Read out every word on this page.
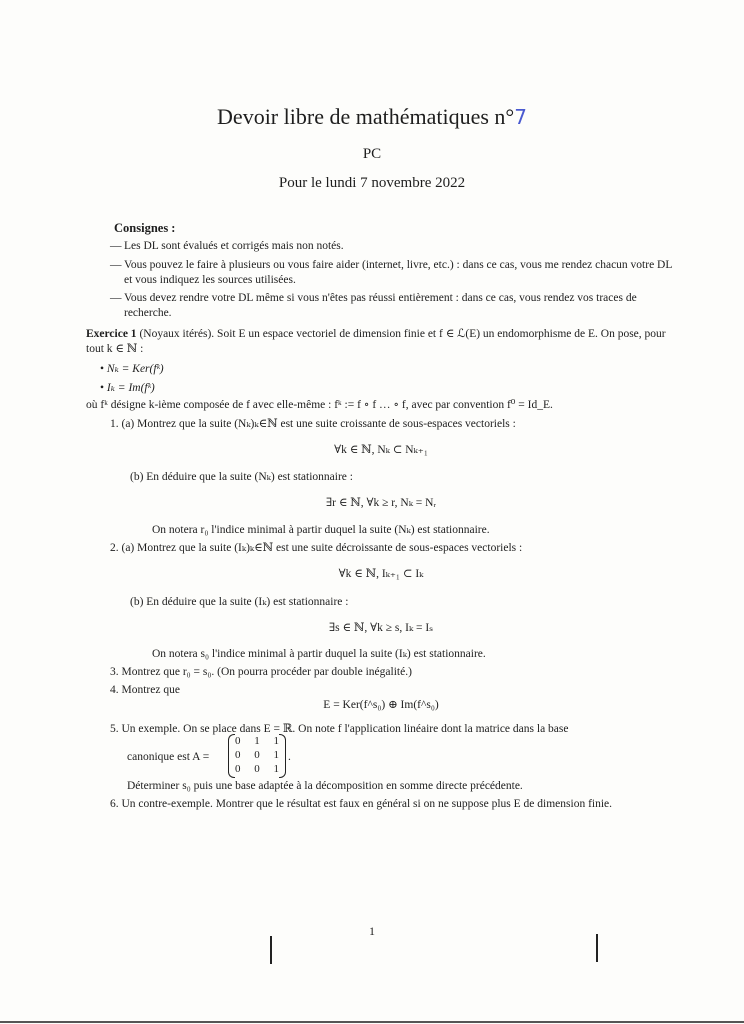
Devoir libre de mathématiques n°7
PC
Pour le lundi 7 novembre 2022
Consignes :
— Les DL sont évalués et corrigés mais non notés.
— Vous pouvez le faire à plusieurs ou vous faire aider (internet, livre, etc.) : dans ce cas, vous me rendez chacun votre DL et vous indiquez les sources utilisées.
— Vous devez rendre votre DL même si vous n'êtes pas réussi entièrement : dans ce cas, vous rendez vos traces de recherche.
Exercice 1 (Noyaux itérés). Soit E un espace vectoriel de dimension finie et f ∈ ℒ(E) un endomorphisme de E. On pose, pour tout k ∈ ℕ :
• Nₖ = Ker(fᵏ)
• Iₖ = Im(fᵏ)
où fᵏ désigne k-ième composée de f avec elle-même : fᵏ := f ∘ f … ∘ f, avec par convention f⁰ = Id_E.
1. (a) Montrez que la suite (Nₖ)ₖ∈ℕ est une suite croissante de sous-espaces vectoriels :
∀k ∈ ℕ, Nₖ ⊂ Nₖ₊₁
(b) En déduire que la suite (Nₖ) est stationnaire :
∃r ∈ ℕ, ∀k ≥ r, Nₖ = Nᵣ
On notera r₀ l'indice minimal à partir duquel la suite (Nₖ) est stationnaire.
2. (a) Montrez que la suite (Iₖ)ₖ∈ℕ est une suite décroissante de sous-espaces vectoriels :
∀k ∈ ℕ, Iₖ₊₁ ⊂ Iₖ
(b) En déduire que la suite (Iₖ) est stationnaire :
∃s ∈ ℕ, ∀k ≥ s, Iₖ = Iₛ
On notera s₀ l'indice minimal à partir duquel la suite (Iₖ) est stationnaire.
3. Montrez que r₀ = s₀. (On pourra procéder par double inégalité.)
4. Montrez que
E = Ker(f^s₀) ⊕ Im(f^s₀)
5. Un exemple. On se place dans E = ℝ. On note f l'application linéaire dont la matrice dans la base
canonique est A =
0 1 1
0 0 1
0 0 1
.
Déterminer s₀ puis une base adaptée à la décomposition en somme directe précédente.
6. Un contre-exemple. Montrer que le résultat est faux en général si on ne suppose plus E de dimension finie.
1
